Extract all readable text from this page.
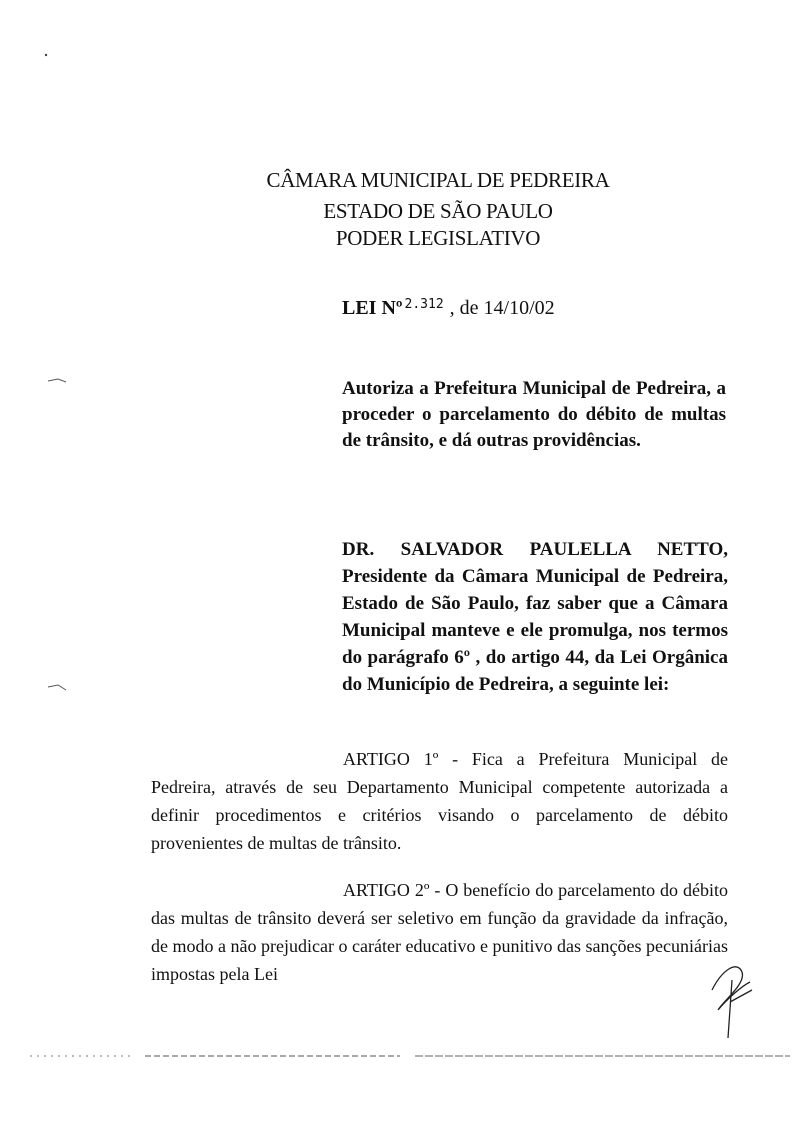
CÂMARA MUNICIPAL DE PEDREIRA
ESTADO DE SÃO PAULO
PODER LEGISLATIVO
LEI Nº $^{2.312}$ , de 14/10/02
Autoriza a Prefeitura Municipal de Pedreira, a proceder o parcelamento do débito de multas de trânsito, e dá outras providências.
DR. SALVADOR PAULELLA NETTO, Presidente da Câmara Municipal de Pedreira, Estado de São Paulo, faz saber que a Câmara Municipal manteve e ele promulga, nos termos do parágrafo 6º , do artigo 44, da Lei Orgânica do Município de Pedreira, a seguinte lei:
ARTIGO 1º - Fica a Prefeitura Municipal de Pedreira, através de seu Departamento Municipal competente autorizada a definir procedimentos e critérios visando o parcelamento de débito provenientes de multas de trânsito.
ARTIGO 2º - O benefício do parcelamento do débito das multas de trânsito deverá ser seletivo em função da gravidade da infração, de modo a não prejudicar o caráter educativo e punitivo das sanções pecuniárias impostas pela Lei
